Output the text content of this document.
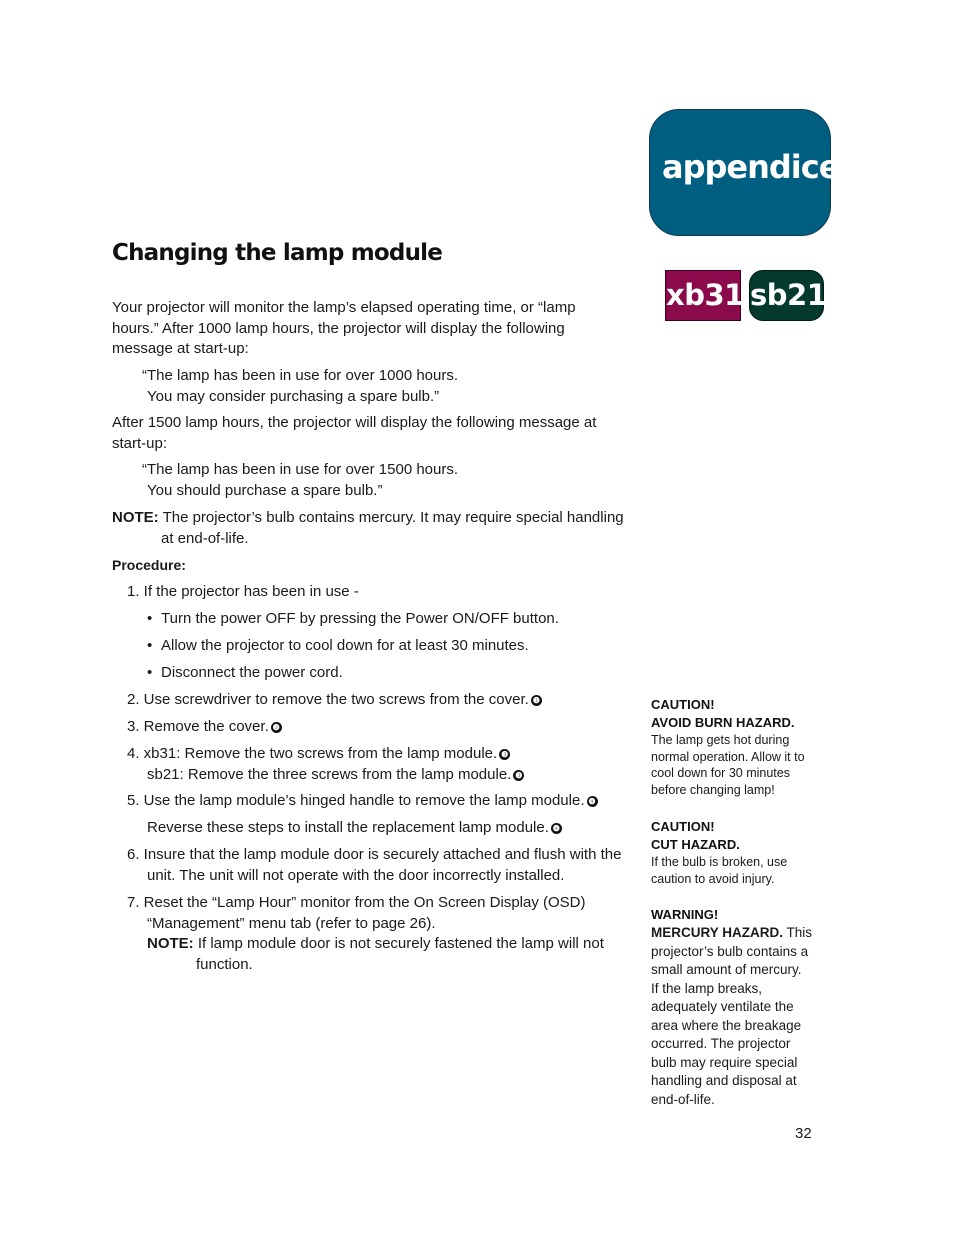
appendices
xb31 sb21
Changing the lamp module
Your projector will monitor the lamp’s elapsed operating time, or “lamp
hours.” After 1000 lamp hours, the projector will display the following
message at start-up:
“The lamp has been in use for over 1000 hours.
You may consider purchasing a spare bulb.”
After 1500 lamp hours, the projector will display the following message at
start-up:
“The lamp has been in use for over 1500 hours.
You should purchase a spare bulb.”
NOTE: The projector’s bulb contains mercury. It may require special handling
at end-of-life.
Procedure:
1. If the projector has been in use -
• Turn the power OFF by pressing the Power ON/OFF button.
• Allow the projector to cool down for at least 30 minutes.
• Disconnect the power cord.
2. Use screwdriver to remove the two screws from the cover. ❶
3. Remove the cover. ❷
4. xb31: Remove the two screws from the lamp module. ❸
sb21: Remove the three screws from the lamp module. ❸
5. Use the lamp module’s hinged handle to remove the lamp module. ❹
Reverse these steps to install the replacement lamp module. ❹
6. Insure that the lamp module door is securely attached and flush with the
unit. The unit will not operate with the door incorrectly installed.
7. Reset the “Lamp Hour” monitor from the On Screen Display (OSD)
“Management” menu tab (refer to page 26).
NOTE: If lamp module door is not securely fastened the lamp will not
function.
CAUTION!
AVOID BURN HAZARD.
The lamp gets hot during
normal operation. Allow it to
cool down for 30 minutes
before changing lamp!
CAUTION!
CUT HAZARD.
If the bulb is broken, use
caution to avoid injury.
WARNING!
MERCURY HAZARD. This
projector’s bulb contains a
small amount of mercury.
If the lamp breaks,
adequately ventilate the
area where the breakage
occurred. The projector
bulb may require special
handling and disposal at
end-of-life.
32
